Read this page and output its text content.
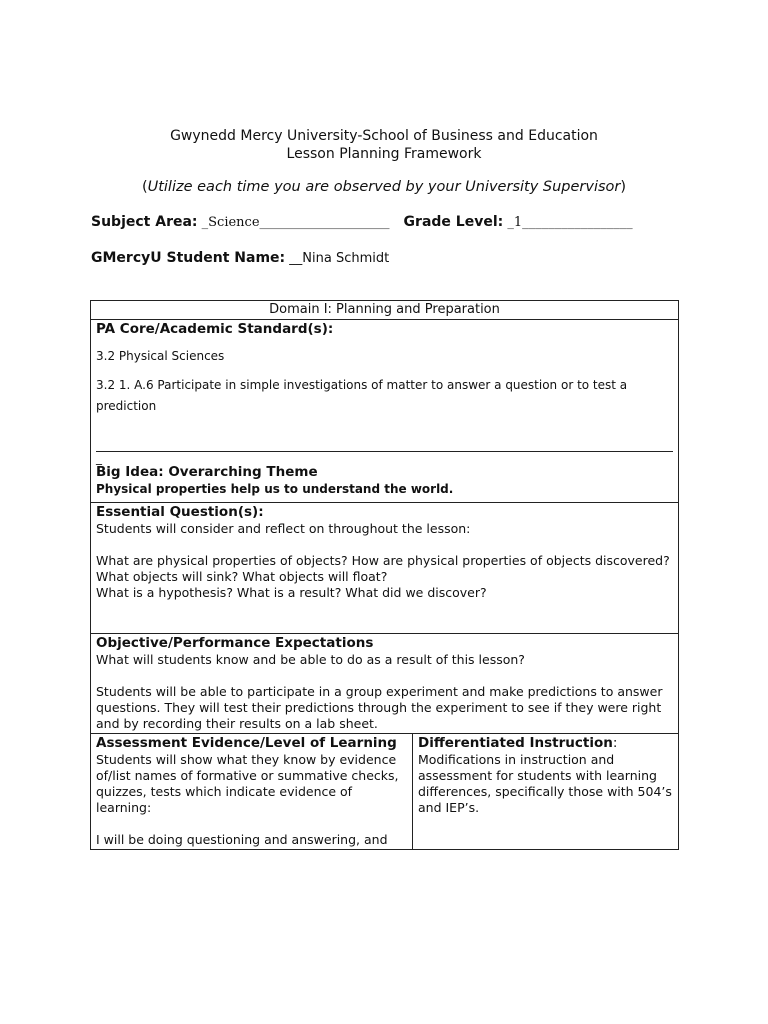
Gwynedd Mercy University-School of Business and Education
Lesson Planning Framework
(Utilize each time you are observed by your University Supervisor)
Subject Area: _Science____________________ Grade Level: _1_________________
GMercyU Student Name: __Nina Schmidt
Domain I: Planning and Preparation

PA Core/Academic Standard(s):
3.2 Physical Sciences
3.2 1. A.6 Participate in simple investigations of matter to answer a question or to test a prediction
_
Big Idea: Overarching Theme
Physical properties help us to understand the world.

Essential Question(s):
Students will consider and reflect on throughout the lesson:
What are physical properties of objects? How are physical properties of objects discovered?
What objects will sink? What objects will float?
What is a hypothesis? What is a result? What did we discover?

Objective/Performance Expectations
What will students know and be able to do as a result of this lesson?
Students will be able to participate in a group experiment and make predictions to answer questions. They will test their predictions through the experiment to see if they were right and by recording their results on a lab sheet.

Assessment Evidence/Level of Learning
Students will show what they know by evidence of/list names of formative or summative checks, quizzes, tests which indicate evidence of learning:
I will be doing questioning and answering, and

Differentiated Instruction:
Modifications in instruction and assessment for students with learning differences, specifically those with 504’s and IEP’s.
